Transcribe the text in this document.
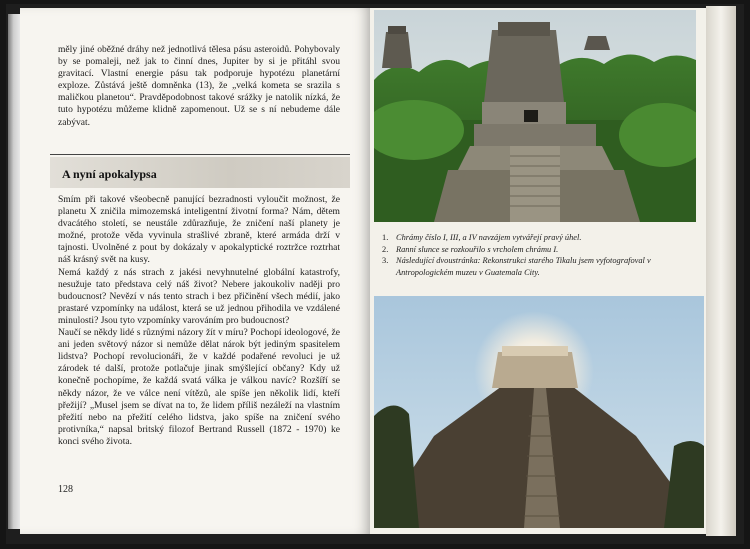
měly jiné oběžné dráhy než jednotlivá tělesa pásu asteroidů. Pohybovaly by se pomaleji, než jak to činní dnes, Jupiter by si je přitáhl svou gravitací. Vlastní energie pásu tak podporuje hypotézu planetární exploze. Zůstává ještě domněnka (13), že „velká kometa se srazila s maličkou planetou“. Pravděpodobnost takové srážky je natolik nízká, že tuto hypotézu můžeme klidně zapomenout. Už se s ní nebudeme dále zabývat.

A nyní apokalypsa

Smím při takové všeobecně panující bezradnosti vyloučit možnost, že planetu X zničila mimozemská inteligentní životní forma? Nám, dětem dvacátého století, se neustále zdůrazňuje, že zničení naší planety je možné, protože věda vyvinula strašlivé zbraně, které armáda drží v tajnosti. Uvolněné z pout by dokázaly v apokalyptické roztržce roztrhat náš krásný svět na kusy.

Nemá každý z nás strach z jakési nevyhnutelné globální katastrofy, nesužuje tato představa celý náš život? Nebere jakoukoliv naději pro budoucnost? Nevězí v nás tento strach i bez přičinění všech médií, jako prastaré vzpomínky na událost, která se už jednou přihodila ve vzdálené minulosti? Jsou tyto vzpomínky varováním pro budoucnost?

Naučí se někdy lidé s různými názory žít v míru? Pochopí ideologové, že ani jeden světový názor si nemůže dělat nárok být jediným spasitelem lidstva? Pochopí revolucionáři, že v každé podařené revoluci je už zárodek té další, protože potlačuje jinak smýšlející občany? Kdy už konečně pochopíme, že každá svatá válka je válkou navíc? Rozšíří se někdy názor, že ve válce není vítězů, ale spíše jen několik lidí, kteří přežijí? „Musel jsem se dívat na to, že lidem příliš nezáleží na vlastním přežití nebo na přežití celého lidstva, jako spíše na zničení svého protivníka,“ napsal britský filozof Bertrand Russell (1872 - 1970) ke konci svého života.

128
1. Chrámy číslo I, III, a IV navzájem vytvářejí pravý úhel.
2. Ranní slunce se rozkouřilo s vrcholem chrámu I.
3. Následující dvoustránka: Rekonstrukci starého Tikalu jsem vyfotografoval v Antropologickém muzeu v Guatemala City.
